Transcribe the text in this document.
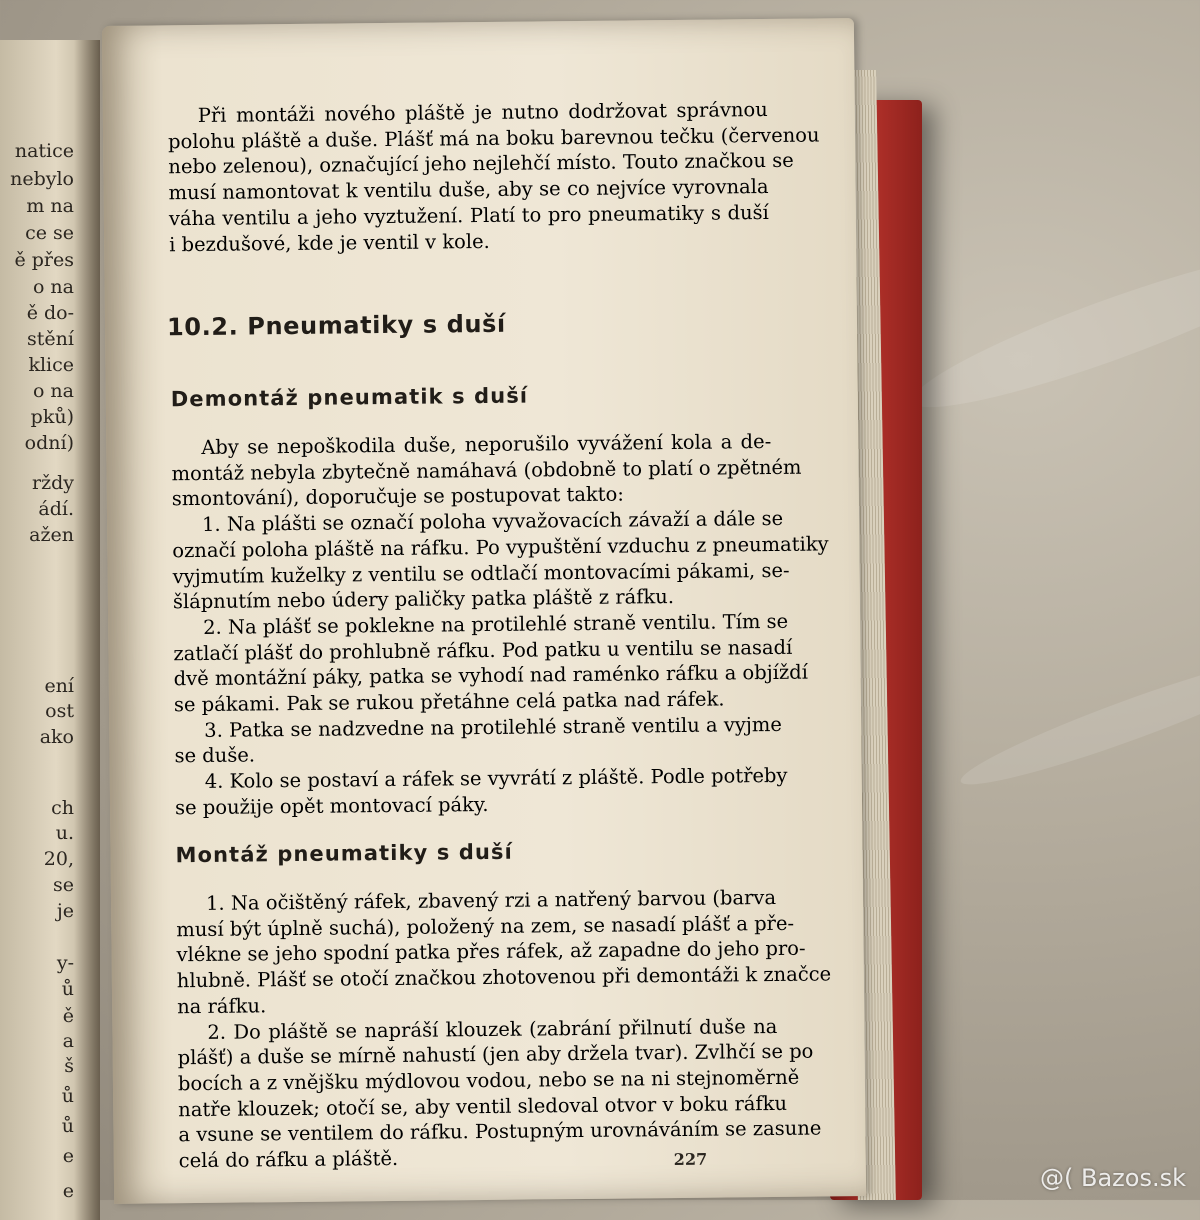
natice
nebylo
m na
ce se
ě přes
o na
ě do-
stění
klice
o na
pků)
odní)
rždy
ádí.
ažen
ení
ost
ako
ch
u.
20,
se
je
y-
ů
ě
a
š
ů
ů
e
e
Při montáži nového pláště je nutno dodržovat správnou
polohu pláště a duše. Plášť má na boku barevnou tečku (červenou
nebo zelenou), označující jeho nejlehčí místo. Touto značkou se
musí namontovat k ventilu duše, aby se co nejvíce vyrovnala
váha ventilu a jeho vyztužení. Platí to pro pneumatiky s duší
i bezdušové, kde je ventil v kole.
10.2. Pneumatiky s duší
Demontáž pneumatik s duší
Aby se nepoškodila duše, neporušilo vyvážení kola a de-
montáž nebyla zbytečně namáhavá (obdobně to platí o zpětném
smontování), doporučuje se postupovat takto:
1. Na plášti se označí poloha vyvažovacích závaží a dále se
označí poloha pláště na ráfku. Po vypuštění vzduchu z pneumatiky
vyjmutím kuželky z ventilu se odtlačí montovacími pákami, se-
šlápnutím nebo údery paličky patka pláště z ráfku.
2. Na plášť se poklekne na protilehlé straně ventilu. Tím se
zatlačí plášť do prohlubně ráfku. Pod patku u ventilu se nasadí
dvě montážní páky, patka se vyhodí nad raménko ráfku a objíždí
se pákami. Pak se rukou přetáhne celá patka nad ráfek.
3. Patka se nadzvedne na protilehlé straně ventilu a vyjme
se duše.
4. Kolo se postaví a ráfek se vyvrátí z pláště. Podle potřeby
se použije opět montovací páky.
Montáž pneumatiky s duší
1. Na očištěný ráfek, zbavený rzi a natřený barvou (barva
musí být úplně suchá), položený na zem, se nasadí plášť a pře-
vlékne se jeho spodní patka přes ráfek, až zapadne do jeho pro-
hlubně. Plášť se otočí značkou zhotovenou při demontáži k značce
na ráfku.
2. Do pláště se napráší klouzek (zabrání přilnutí duše na
plášť) a duše se mírně nahustí (jen aby držela tvar). Zvlhčí se po
bocích a z vnějšku mýdlovou vodou, nebo se na ni stejnoměrně
natře klouzek; otočí se, aby ventil sledoval otvor v boku ráfku
a vsune se ventilem do ráfku. Postupným urovnáváním se zasune
celá do ráfku a pláště.	227
@( Bazos.sk
